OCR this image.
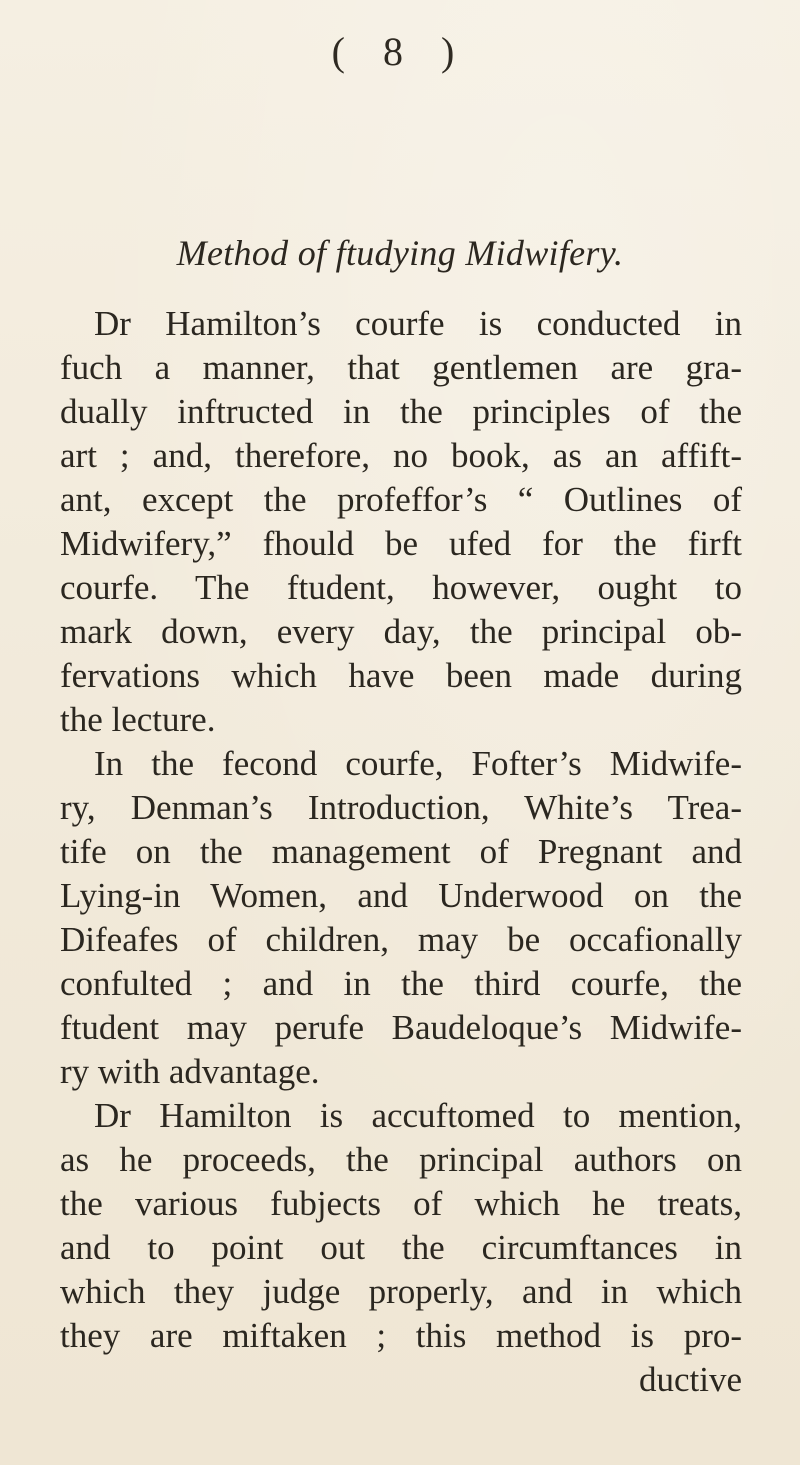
( 8 )
Method of ftudying Midwifery.
Dr Hamilton’s courfe is conducted in
fuch a manner, that gentlemen are gra-
dually inftructed in the principles of the
art ; and, therefore, no book, as an affift-
ant, except the profeffor’s “ Outlines of
Midwifery,” fhould be ufed for the firft
courfe. The ftudent, however, ought to
mark down, every day, the principal ob-
fervations which have been made during
the lecture.
In the fecond courfe, Fofter’s Midwife-
ry, Denman’s Introduction, White’s Trea-
tife on the management of Pregnant and
Lying-in Women, and Underwood on the
Difeafes of children, may be occafionally
confulted ; and in the third courfe, the
ftudent may perufe Baudeloque’s Midwife-
ry with advantage.
Dr Hamilton is accuftomed to mention,
as he proceeds, the principal authors on
the various fubjects of which he treats,
and to point out the circumftances in
which they judge properly, and in which
they are miftaken ; this method is pro-
ductive
